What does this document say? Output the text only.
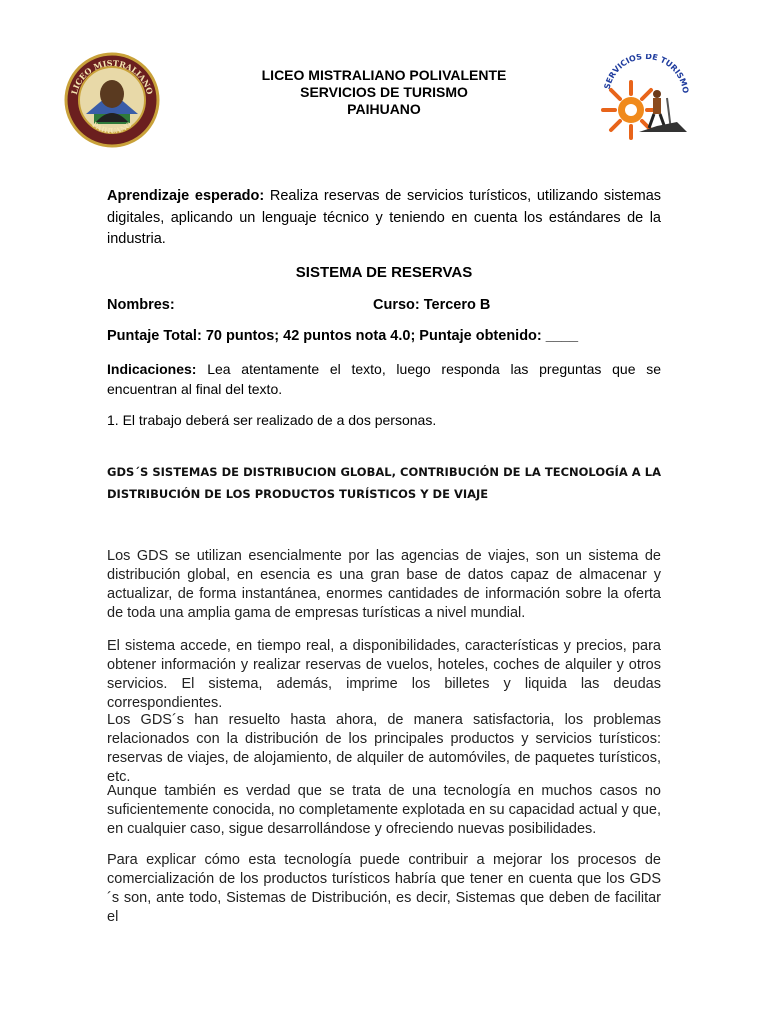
LICEO MISTRALIANO
PAIHUANO
LICEO MISTRALIANO POLIVALENTE
SERVICIOS DE TURISMO
PAIHUANO
SERVICIOS DE TURISMO

Aprendizaje esperado: Realiza reservas de servicios turísticos, utilizando sistemas digitales, aplicando un lenguaje técnico y teniendo en cuenta los estándares de la industria.

SISTEMA DE RESERVAS
Nombres:	Curso: Tercero B
Puntaje Total: 70 puntos; 42 puntos nota 4.0; Puntaje obtenido: ____

Indicaciones: Lea atentamente el texto, luego responda las preguntas que se encuentran al final del texto.

1. El trabajo deberá ser realizado de a dos personas.
GDS´S SISTEMAS DE DISTRIBUCION GLOBAL, CONTRIBUCIÓN DE LA TECNOLOGÍA A LA DISTRIBUCIÓN DE LOS PRODUCTOS TURÍSTICOS Y DE VIAJE

Los GDS se utilizan esencialmente por las agencias de viajes, son un sistema de distribución global, en esencia es una gran base de datos capaz de almacenar y actualizar, de forma instantánea, enormes cantidades de información sobre la oferta de toda una amplia gama de empresas turísticas a nivel mundial.

El sistema accede, en tiempo real, a disponibilidades, características y precios, para obtener información y realizar reservas de vuelos, hoteles, coches de alquiler y otros servicios. El sistema, además, imprime los billetes y liquida las deudas correspondientes.

Los GDS´s han resuelto hasta ahora, de manera satisfactoria, los problemas relacionados con la distribución de los principales productos y servicios turísticos: reservas de viajes, de alojamiento, de alquiler de automóviles, de paquetes turísticos, etc.

Aunque también es verdad que se trata de una tecnología en muchos casos no suficientemente conocida, no completamente explotada en su capacidad actual y que, en cualquier caso, sigue desarrollándose y ofreciendo nuevas posibilidades.

Para explicar cómo esta tecnología puede contribuir a mejorar los procesos de comercialización de los productos turísticos habría que tener en cuenta que los GDS´s son, ante todo, Sistemas de Distribución, es decir, Sistemas que deben de facilitar el
